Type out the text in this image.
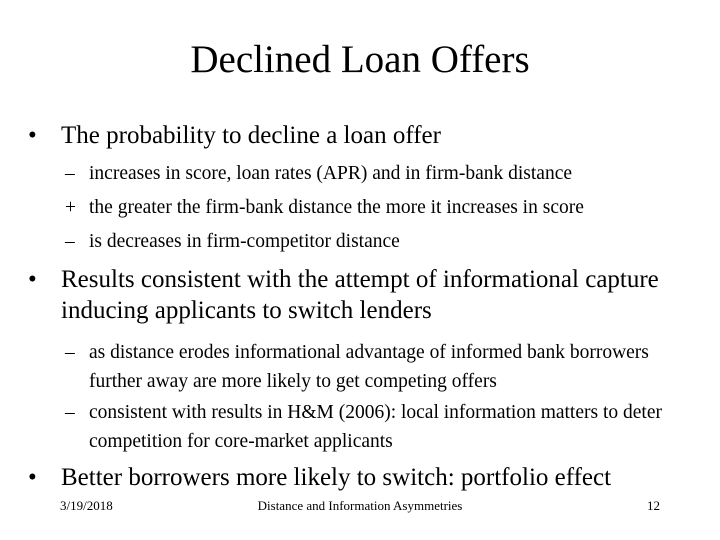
Declined Loan Offers
• The probability to decline a loan offer
– increases in score, loan rates (APR) and in firm-bank distance
+ the greater the firm-bank distance the more it increases in score
– is decreases in firm-competitor distance
• Results consistent with the attempt of informational capture inducing applicants to switch lenders
– as distance erodes informational advantage of informed bank borrowers further away are more likely to get competing offers
– consistent with results in H&M (2006): local information matters to deter competition for core-market applicants
• Better borrowers more likely to switch: portfolio effect
3/19/2018	Distance and Information Asymmetries	12
